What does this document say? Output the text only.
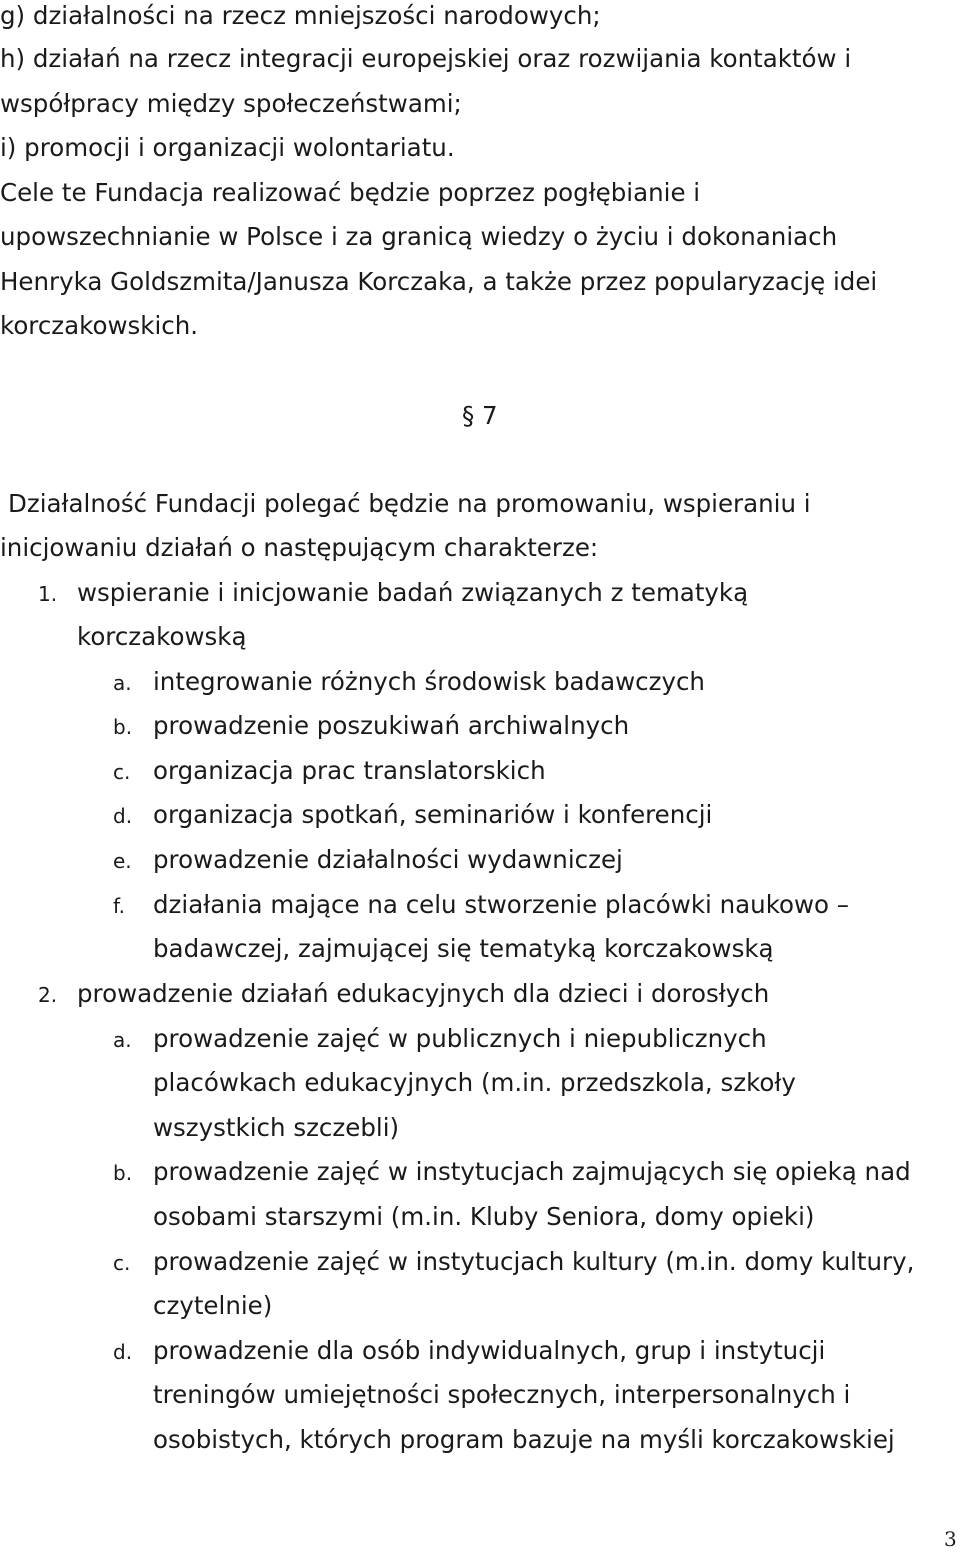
g) działalności na rzecz mniejszości narodowych;
h) działań na rzecz integracji europejskiej oraz rozwijania kontaktów i
współpracy między społeczeństwami;
i) promocji i organizacji wolontariatu.
Cele te Fundacja realizować będzie poprzez pogłębianie i
upowszechnianie w Polsce i za granicą wiedzy o życiu i dokonaniach
Henryka Goldszmita/Janusza Korczaka, a także przez popularyzację idei
korczakowskich.
§ 7
Działalność Fundacji polegać będzie na promowaniu, wspieraniu i
inicjowaniu działań o następującym charakterze:
1. wspieranie i inicjowanie badań związanych z tematyką
korczakowską
a. integrowanie różnych środowisk badawczych
b. prowadzenie poszukiwań archiwalnych
c. organizacja prac translatorskich
d. organizacja spotkań, seminariów i konferencji
e. prowadzenie działalności wydawniczej
f. działania mające na celu stworzenie placówki naukowo –
badawczej, zajmującej się tematyką korczakowską
2. prowadzenie działań edukacyjnych dla dzieci i dorosłych
a. prowadzenie zajęć w publicznych i niepublicznych
placówkach edukacyjnych (m.in. przedszkola, szkoły
wszystkich szczebli)
b. prowadzenie zajęć w instytucjach zajmujących się opieką nad
osobami starszymi (m.in. Kluby Seniora, domy opieki)
c. prowadzenie zajęć w instytucjach kultury (m.in. domy kultury,
czytelnie)
d. prowadzenie dla osób indywidualnych, grup i instytucji
treningów umiejętności społecznych, interpersonalnych i
osobistych, których program bazuje na myśli korczakowskiej
3
